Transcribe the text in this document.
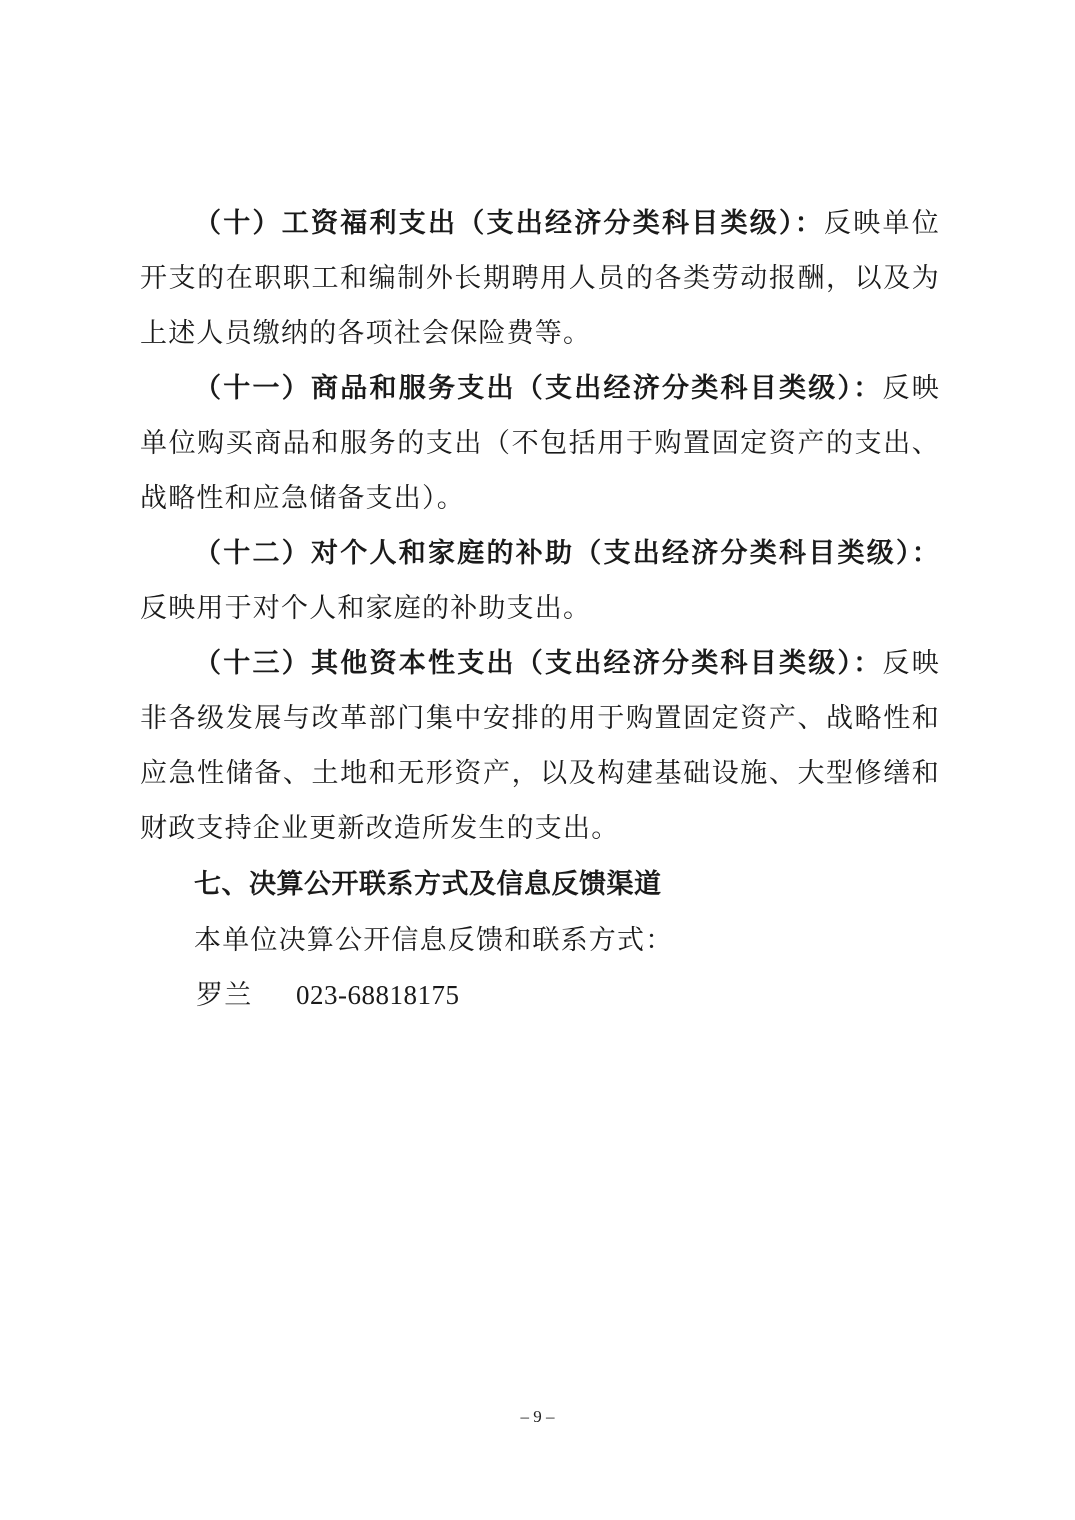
（十）工资福利支出（支出经济分类科目类级）：反映单位开支的在职职工和编制外长期聘用人员的各类劳动报酬，以及为上述人员缴纳的各项社会保险费等。

（十一）商品和服务支出（支出经济分类科目类级）：反映单位购买商品和服务的支出（不包括用于购置固定资产的支出、战略性和应急储备支出）。

（十二）对个人和家庭的补助（支出经济分类科目类级）：反映用于对个人和家庭的补助支出。

（十三）其他资本性支出（支出经济分类科目类级）：反映非各级发展与改革部门集中安排的用于购置固定资产、战略性和应急性储备、土地和无形资产，以及构建基础设施、大型修缮和财政支持企业更新改造所发生的支出。

七、决算公开联系方式及信息反馈渠道

本单位决算公开信息反馈和联系方式：

罗兰 023-68818175

– 9 –
